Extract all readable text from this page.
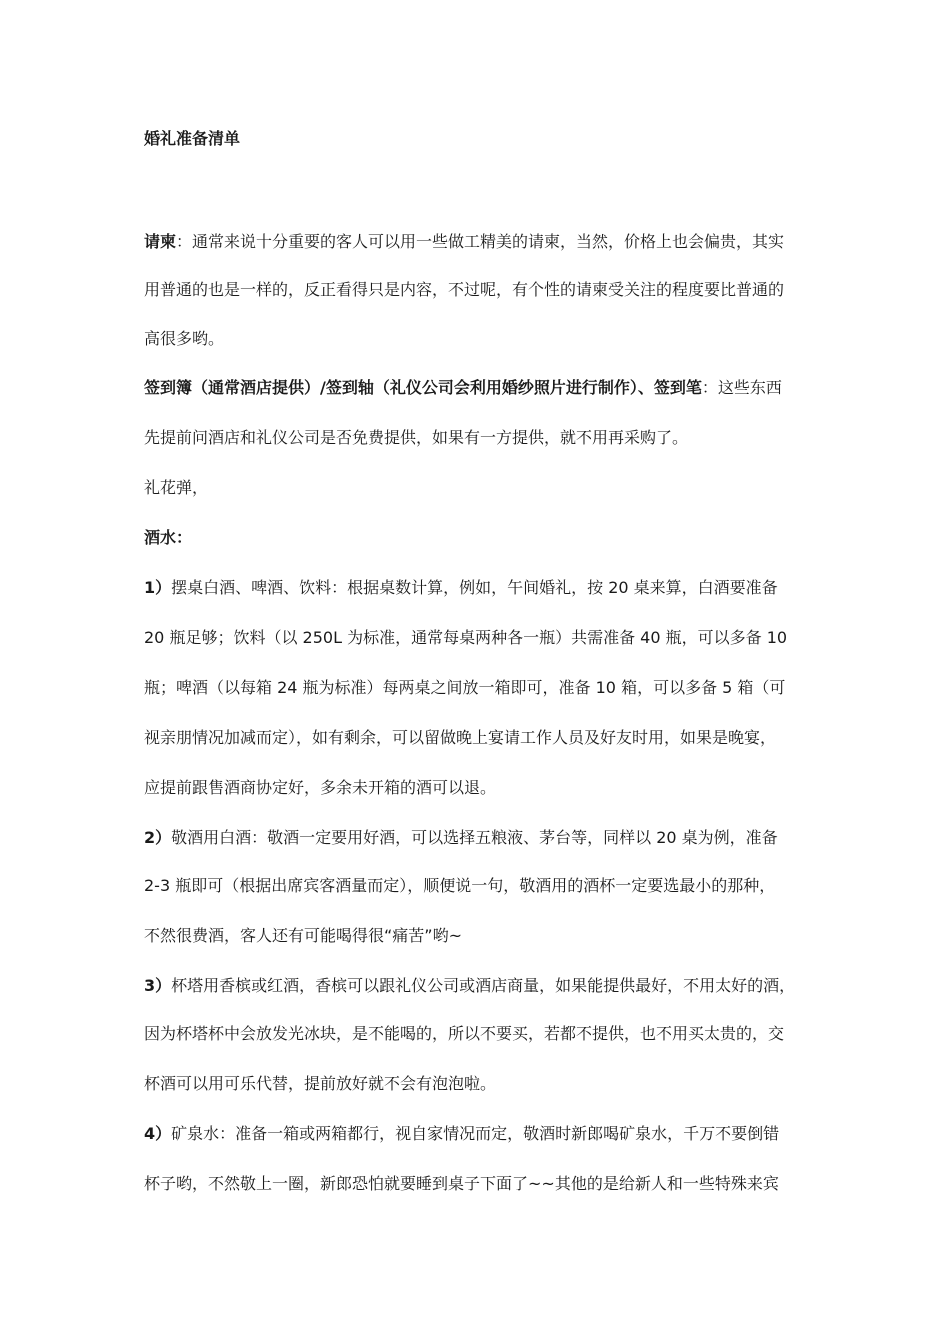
婚礼准备清单
请柬：通常来说十分重要的客人可以用一些做工精美的请柬，当然，价格上也会偏贵，其实
用普通的也是一样的，反正看得只是内容，不过呢，有个性的请柬受关注的程度要比普通的
高很多哟。
签到簿（通常酒店提供）/签到轴（礼仪公司会利用婚纱照片进行制作）、签到笔：这些东西
先提前问酒店和礼仪公司是否免费提供，如果有一方提供，就不用再采购了。
礼花弹，
酒水：
1）摆桌白酒、啤酒、饮料：根据桌数计算，例如，午间婚礼，按 20 桌来算，白酒要准备
20 瓶足够；饮料（以 250L 为标准，通常每桌两种各一瓶）共需准备 40 瓶，可以多备 10
瓶；啤酒（以每箱 24 瓶为标准）每两桌之间放一箱即可，准备 10 箱，可以多备 5 箱（可
视亲朋情况加减而定），如有剩余，可以留做晚上宴请工作人员及好友时用，如果是晚宴，
应提前跟售酒商协定好，多余未开箱的酒可以退。
2）敬酒用白酒：敬酒一定要用好酒，可以选择五粮液、茅台等，同样以 20 桌为例，准备
2-3 瓶即可（根据出席宾客酒量而定），顺便说一句，敬酒用的酒杯一定要选最小的那种，
不然很费酒，客人还有可能喝得很“痛苦”哟~
3）杯塔用香槟或红酒，香槟可以跟礼仪公司或酒店商量，如果能提供最好，不用太好的酒，
因为杯塔杯中会放发光冰块，是不能喝的，所以不要买，若都不提供，也不用买太贵的，交
杯酒可以用可乐代替，提前放好就不会有泡泡啦。
4）矿泉水：准备一箱或两箱都行，视自家情况而定，敬酒时新郎喝矿泉水，千万不要倒错
杯子哟，不然敬上一圈，新郎恐怕就要睡到桌子下面了~~其他的是给新人和一些特殊来宾
